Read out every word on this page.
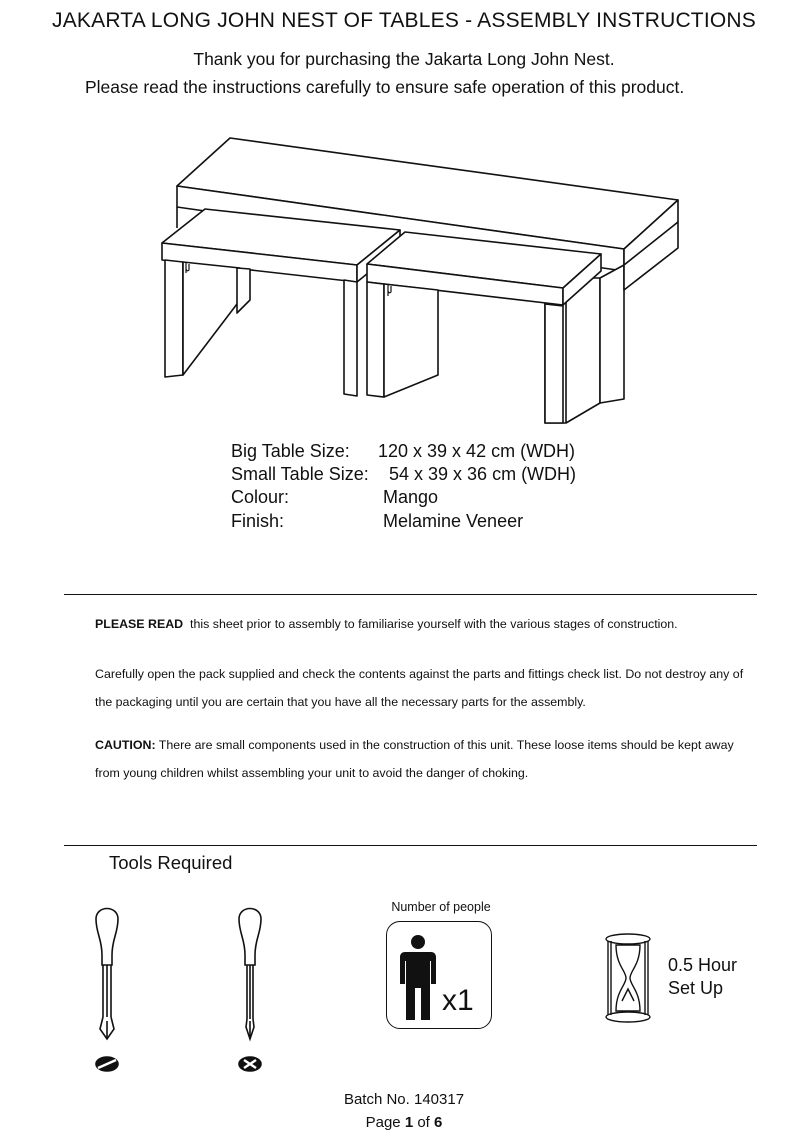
JAKARTA LONG JOHN NEST OF TABLES - ASSEMBLY INSTRUCTIONS
Thank you for purchasing the Jakarta Long John Nest.
Please read the instructions carefully to ensure safe operation of this product.
Big Table Size: 120 x 39 x 42 cm (WDH)
Small Table Size: 54 x 39 x 36 cm (WDH)
Colour:	Mango
Finish:	Melamine Veneer
PLEASE READ this sheet prior to assembly to familiarise yourself with the various stages of construction.
Carefully open the pack supplied and check the contents against the parts and fittings check list. Do not destroy any of the packaging until you are certain that you have all the necessary parts for the assembly.
CAUTION: There are small components used in the construction of this unit. These loose items should be kept away from young children whilst assembling your unit to avoid the danger of choking.
Tools Required
Number of people
x1
0.5 Hour
Set Up
Batch No. 140317
Page 1 of 6
